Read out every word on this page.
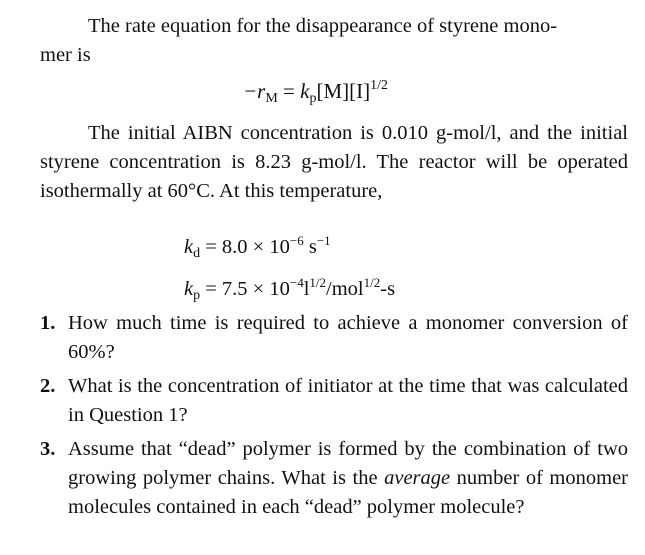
The rate equation for the disappearance of styrene mono-
mer is

$-r_M = k_p[M][I]^{1/2}$

The initial AIBN concentration is 0.010 g-mol/l, and the initial styrene concentration is 8.23 g-mol/l. The reactor will be operated isothermally at 60°C. At this temperature,

$k_d = 8.0 \times 10^{-6}$ $s^{-1}$
$k_p = 7.5 \times 10^{-4}l^{1/2}/mol^{1/2}-s$
1. How much time is required to achieve a monomer conversion of 60%?
2. What is the concentration of initiator at the time that was calculated in Question 1?
3. Assume that “dead” polymer is formed by the combination of two growing polymer chains. What is the average number of monomer molecules contained in each “dead” polymer molecule?
